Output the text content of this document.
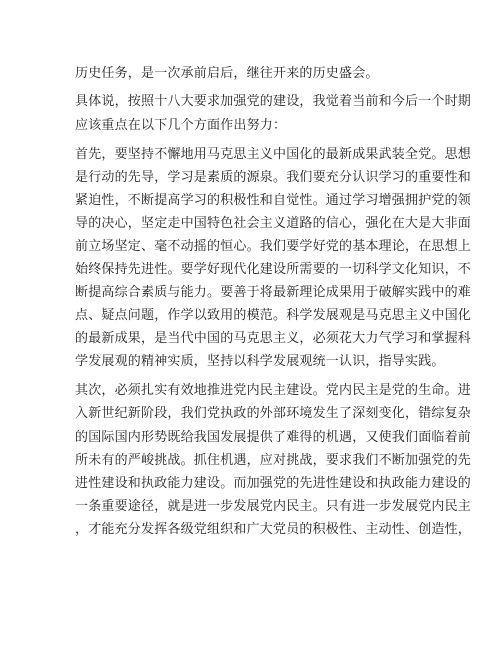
历史任务，是一次承前启后，继往开来的历史盛会。
具体说，按照十八大要求加强党的建设，我觉着当前和今后一个时期
应该重点在以下几个方面作出努力：
首先，要坚持不懈地用马克思主义中国化的最新成果武装全党。思想
是行动的先导，学习是素质的源泉。我们要充分认识学习的重要性和
紧迫性，不断提高学习的积极性和自觉性。通过学习增强拥护党的领
导的决心，坚定走中国特色社会主义道路的信心，强化在大是大非面
前立场坚定、毫不动摇的恒心。我们要学好党的基本理论，在思想上
始终保持先进性。要学好现代化建设所需要的一切科学文化知识，不
断提高综合素质与能力。要善于将最新理论成果用于破解实践中的难
点、疑点问题，作学以致用的模范。科学发展观是马克思主义中国化
的最新成果，是当代中国的马克思主义，必须花大力气学习和掌握科
学发展观的精神实质，坚持以科学发展观统一认识，指导实践。
其次，必须扎实有效地推进党内民主建设。党内民主是党的生命。进
入新世纪新阶段，我们党执政的外部环境发生了深刻变化，错综复杂
的国际国内形势既给我国发展提供了难得的机遇，又使我们面临着前
所未有的严峻挑战。抓住机遇，应对挑战，要求我们不断加强党的先
进性建设和执政能力建设。而加强党的先进性建设和执政能力建设的
一条重要途径，就是进一步发展党内民主。只有进一步发展党内民主
，才能充分发挥各级党组织和广大党员的积极性、主动性、创造性，
